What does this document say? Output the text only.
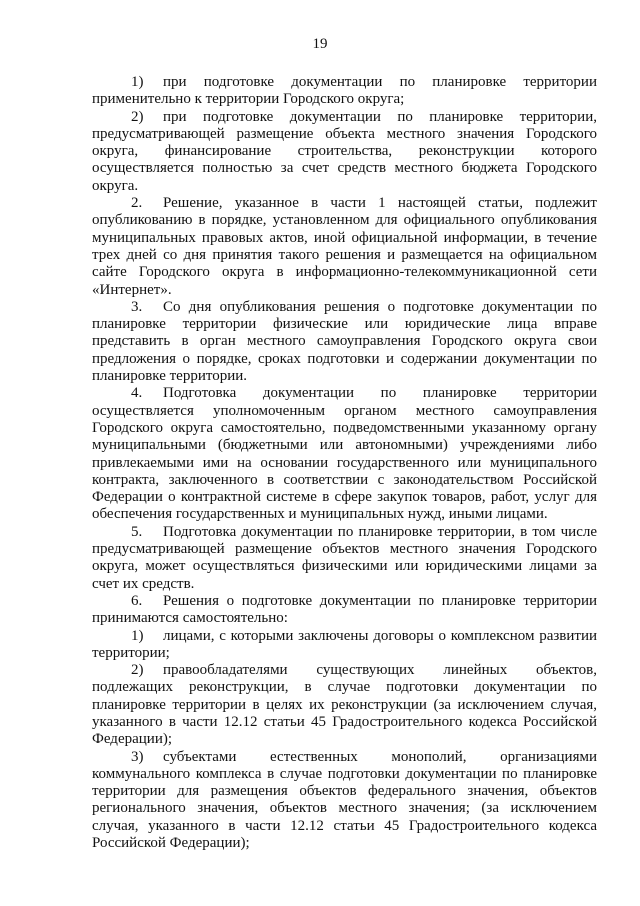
19

1) при подготовке документации по планировке территории применительно к территории Городского округа;

2) при подготовке документации по планировке территории, предусматривающей размещение объекта местного значения Городского округа, финансирование строительства, реконструкции которого осуществляется полностью за счет средств местного бюджета Городского округа.

2. Решение, указанное в части 1 настоящей статьи, подлежит опубликованию в порядке, установленном для официального опубликования муниципальных правовых актов, иной официальной информации, в течение трех дней со дня принятия такого решения и размещается на официальном сайте Городского округа в информационно-телекоммуникационной сети «Интернет».

3. Со дня опубликования решения о подготовке документации по планировке территории физические или юридические лица вправе представить в орган местного самоуправления Городского округа свои предложения о порядке, сроках подготовки и содержании документации по планировке территории.

4. Подготовка документации по планировке территории осуществляется уполномоченным органом местного самоуправления Городского округа самостоятельно, подведомственными указанному органу муниципальными (бюджетными или автономными) учреждениями либо привлекаемыми ими на основании государственного или муниципального контракта, заключенного в соответствии с законодательством Российской Федерации о контрактной системе в сфере закупок товаров, работ, услуг для обеспечения государственных и муниципальных нужд, иными лицами.

5. Подготовка документации по планировке территории, в том числе предусматривающей размещение объектов местного значения Городского округа, может осуществляться физическими или юридическими лицами за счет их средств.

6. Решения о подготовке документации по планировке территории принимаются самостоятельно:

1) лицами, с которыми заключены договоры о комплексном развитии территории;

2) правообладателями существующих линейных объектов, подлежащих реконструкции, в случае подготовки документации по планировке территории в целях их реконструкции (за исключением случая, указанного в части 12.12 статьи 45 Градостроительного кодекса Российской Федерации);

3) субъектами естественных монополий, организациями коммунального комплекса в случае подготовки документации по планировке территории для размещения объектов федерального значения, объектов регионального значения, объектов местного значения; (за исключением случая, указанного в части 12.12 статьи 45 Градостроительного кодекса Российской Федерации);
